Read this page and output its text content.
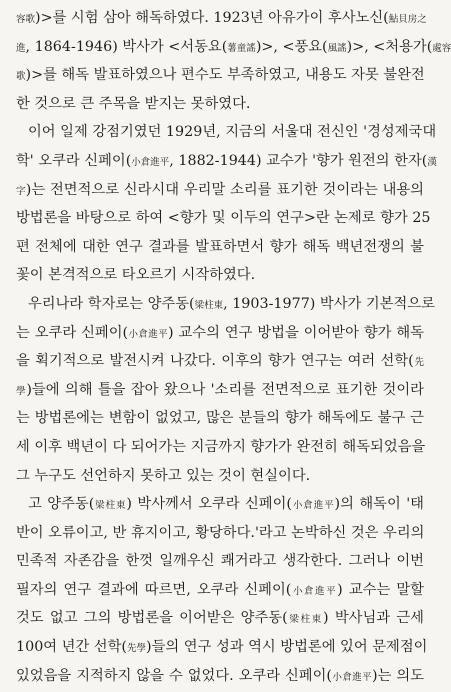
容歌)>를 시험 삼아 해독하였다. 1923년 아유가이 후사노신(鮎貝房之
進, 1864-1946) 박사가 <서동요(薯童謠)>, <풍요(風謠)>, <처용가(處容
歌)>를 해독 발표하였으나 편수도 부족하였고, 내용도 자못 불완전
한 것으로 큰 주목을 받지는 못하였다.
이어 일제 강점기였던 1929년, 지금의 서울대 전신인 '경성제국대
학' 오쿠라 신페이(小倉進平, 1882-1944) 교수가 '향가 원전의 한자(漢
字)는 전면적으로 신라시대 우리말 소리를 표기한 것이라는 내용의
방법론을 바탕으로 하여 <향가 및 이두의 연구>란 논제로 향가 25
편 전체에 대한 연구 결과를 발표하면서 향가 해독 백년전쟁의 불
꽃이 본격적으로 타오르기 시작하였다.
우리나라 학자로는 양주동(梁柱東, 1903-1977) 박사가 기본적으로
는 오쿠라 신페이(小倉進平) 교수의 연구 방법을 이어받아 향가 해독
을 획기적으로 발전시켜 나갔다. 이후의 향가 연구는 여러 선학(先
學)들에 의해 틀을 잡아 왔으나 '소리를 전면적으로 표기한 것이라
는 방법론에는 변함이 없었고, 많은 분들의 향가 해독에도 불구 근
세 이후 백년이 다 되어가는 지금까지 향가가 완전히 해독되었음을
그 누구도 선언하지 못하고 있는 것이 현실이다.
고 양주동(梁柱東) 박사께서 오쿠라 신페이(小倉進平)의 해독이 '태
반이 오류이고, 반 휴지이고, 황당하다.'라고 논박하신 것은 우리의
민족적 자존감을 한껏 일깨우신 쾌거라고 생각한다. 그러나 이번
필자의 연구 결과에 따르면, 오쿠라 신페이(小倉進平) 교수는 말할
것도 없고 그의 방법론을 이어받은 양주동(梁柱東) 박사님과 근세
100여 년간 선학(先學)들의 연구 성과 역시 방법론에 있어 문제점이
있었음을 지적하지 않을 수 없었다. 오쿠라 신페이(小倉進平)는 의도
